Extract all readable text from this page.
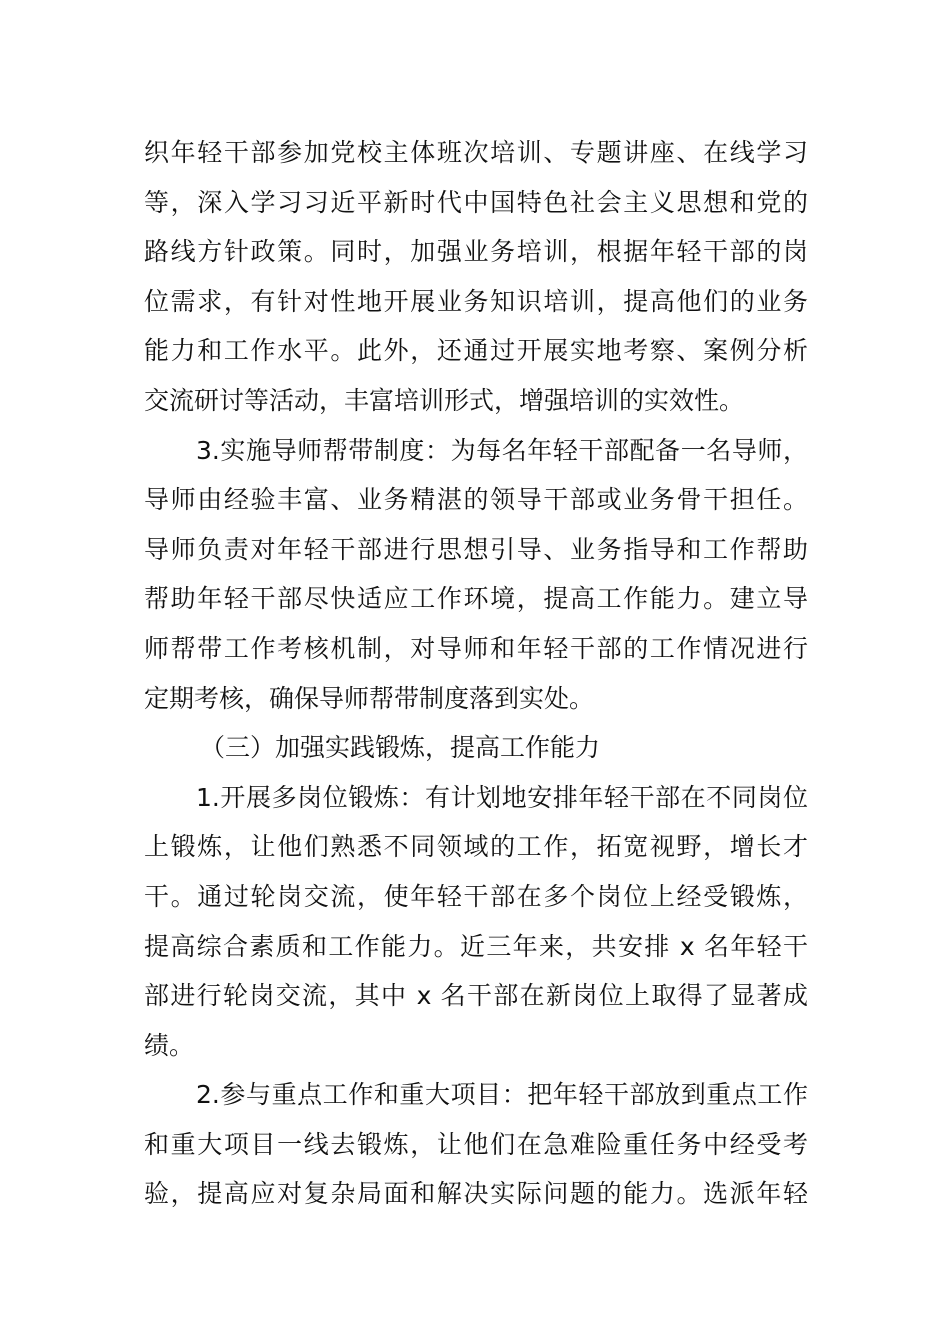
织年轻干部参加党校主体班次培训、专题讲座、在线学习
等，深入学习习近平新时代中国特色社会主义思想和党的
路线方针政策。同时，加强业务培训，根据年轻干部的岗
位需求，有针对性地开展业务知识培训，提高他们的业务
能力和工作水平。此外，还通过开展实地考察、案例分析
交流研讨等活动，丰富培训形式，增强培训的实效性。

3.实施导师帮带制度：为每名年轻干部配备一名导师，
导师由经验丰富、业务精湛的领导干部或业务骨干担任。
导师负责对年轻干部进行思想引导、业务指导和工作帮助
帮助年轻干部尽快适应工作环境，提高工作能力。建立导
师帮带工作考核机制，对导师和年轻干部的工作情况进行
定期考核，确保导师帮带制度落到实处。

（三）加强实践锻炼，提高工作能力

1.开展多岗位锻炼：有计划地安排年轻干部在不同岗位
上锻炼，让他们熟悉不同领域的工作，拓宽视野，增长才
干。通过轮岗交流，使年轻干部在多个岗位上经受锻炼，
提高综合素质和工作能力。近三年来，共安排 x 名年轻干
部进行轮岗交流，其中 x 名干部在新岗位上取得了显著成
绩。

2.参与重点工作和重大项目：把年轻干部放到重点工作
和重大项目一线去锻炼，让他们在急难险重任务中经受考
验，提高应对复杂局面和解决实际问题的能力。选派年轻
